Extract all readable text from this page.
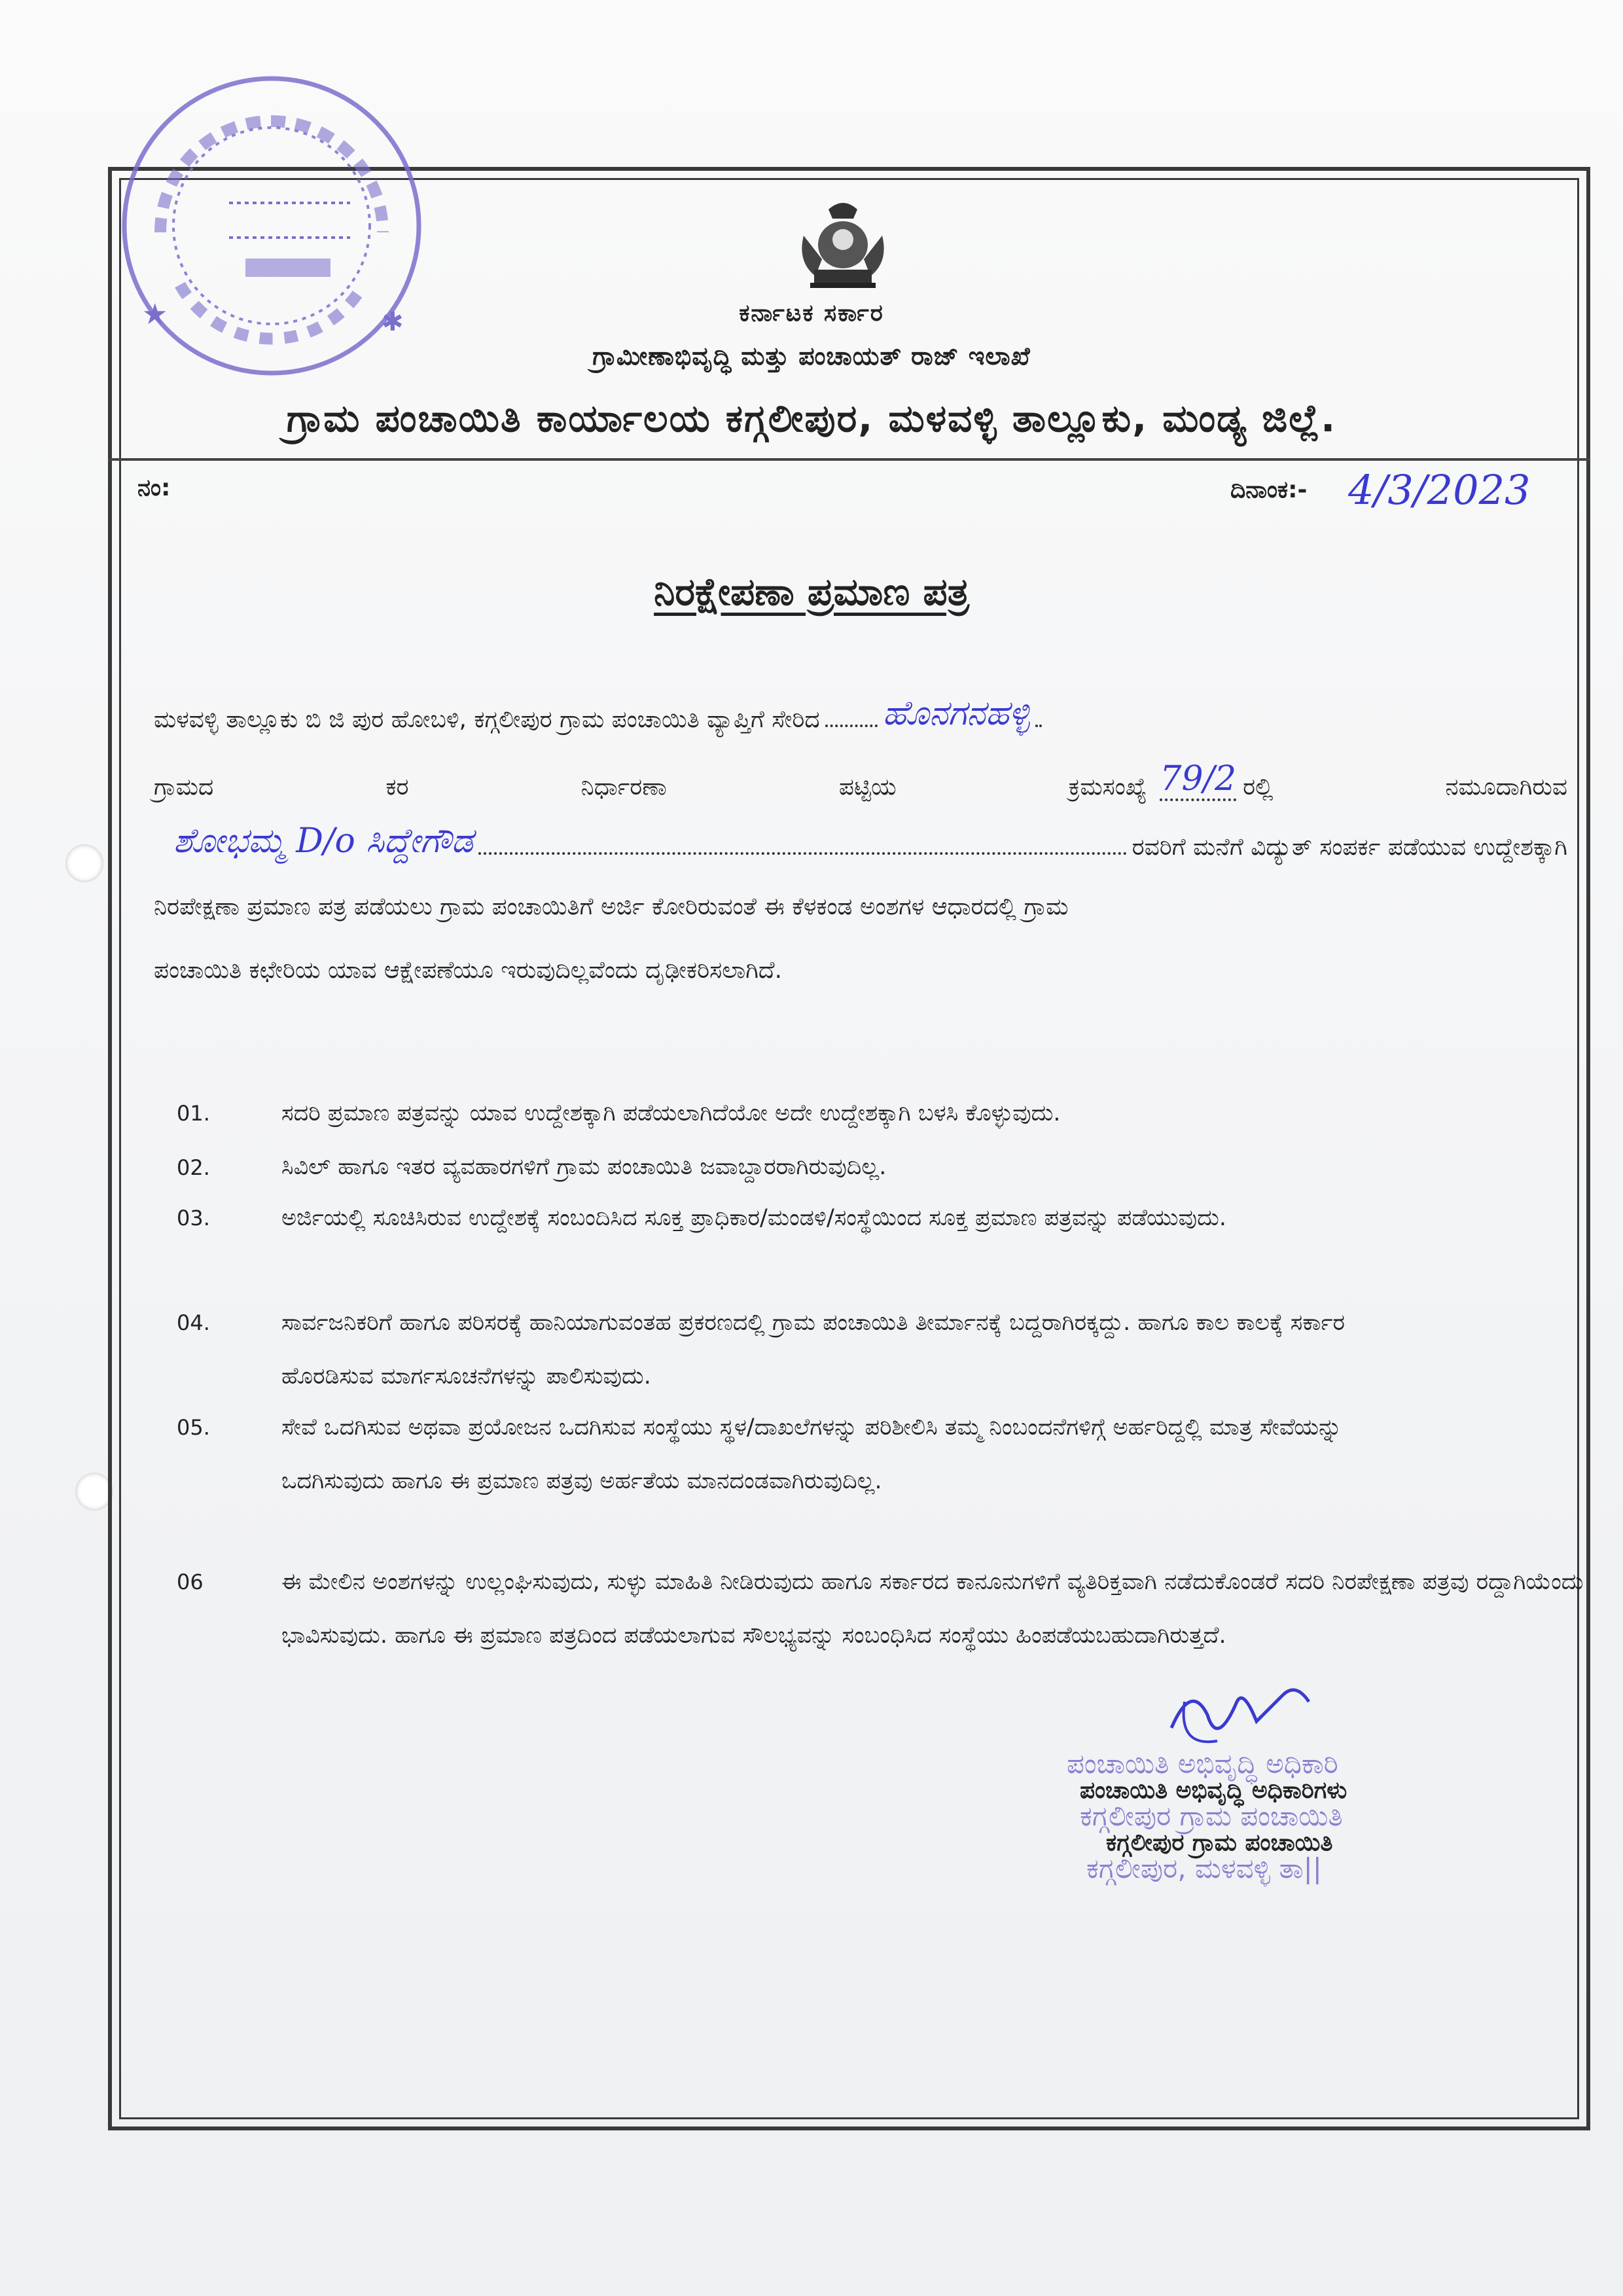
★	✱	ಕರ್ನಾಟಕ ಸರ್ಕಾರ
ಗ್ರಾಮೀಣಾಭಿವೃದ್ಧಿ ಮತ್ತು ಪಂಚಾಯತ್ ರಾಜ್ ಇಲಾಖೆ
ಗ್ರಾಮ ಪಂಚಾಯಿತಿ ಕಾರ್ಯಾಲಯ ಕಗ್ಗಲೀಪುರ, ಮಳವಳ್ಳಿ ತಾಲ್ಲೂಕು, ಮಂಡ್ಯ ಜಿಲ್ಲೆ.
ನಂ:	ದಿನಾಂಕ:- 4/3/2023
ನಿರಕ್ಷೇಪಣಾ ಪ್ರಮಾಣ ಪತ್ರ
ಮಳವಳ್ಳಿ ತಾಲ್ಲೂಕು ಬಿ ಜಿ ಪುರ ಹೋಬಳಿ, ಕಗ್ಗಲೀಪುರ ಗ್ರಾಮ ಪಂಚಾಯಿತಿ ವ್ಯಾಪ್ತಿಗೆ ಸೇರಿದ ಹೊನಗನಹಳ್ಳಿ
ಗ್ರಾಮದ	ಕರ	ನಿರ್ಧಾರಣಾ	ಪಟ್ಟಿಯ	ಕ್ರಮಸಂಖ್ಯೆ 79/2 ರಲ್ಲಿ	ನಮೂದಾಗಿರುವ
ಶೋಭಮ್ಮ D/o ಸಿದ್ದೇಗೌಡ	ರವರಿಗೆ ಮನೆಗೆ ವಿದ್ಯುತ್ ಸಂಪರ್ಕ ಪಡೆಯುವ ಉದ್ದೇಶಕ್ಕಾಗಿ
ನಿರಪೇಕ್ಷಣಾ ಪ್ರಮಾಣ ಪತ್ರ ಪಡೆಯಲು ಗ್ರಾಮ ಪಂಚಾಯಿತಿಗೆ ಅರ್ಜಿ ಕೋರಿರುವಂತೆ ಈ ಕೆಳಕಂಡ ಅಂಶಗಳ ಆಧಾರದಲ್ಲಿ ಗ್ರಾಮ
ಪಂಚಾಯಿತಿ ಕಛೇರಿಯ ಯಾವ ಆಕ್ಷೇಪಣೆಯೂ ಇರುವುದಿಲ್ಲವೆಂದು ದೃಢೀಕರಿಸಲಾಗಿದೆ.
01.	ಸದರಿ ಪ್ರಮಾಣ ಪತ್ರವನ್ನು ಯಾವ ಉದ್ದೇಶಕ್ಕಾಗಿ ಪಡೆಯಲಾಗಿದೆಯೋ ಅದೇ ಉದ್ದೇಶಕ್ಕಾಗಿ ಬಳಸಿ ಕೊಳ್ಳುವುದು.
02.	ಸಿವಿಲ್ ಹಾಗೂ ಇತರ ವ್ಯವಹಾರಗಳಿಗೆ ಗ್ರಾಮ ಪಂಚಾಯಿತಿ ಜವಾಬ್ದಾರರಾಗಿರುವುದಿಲ್ಲ.
03.	ಅರ್ಜಿಯಲ್ಲಿ ಸೂಚಿಸಿರುವ ಉದ್ದೇಶಕ್ಕೆ ಸಂಬಂದಿಸಿದ ಸೂಕ್ತ ಪ್ರಾಧಿಕಾರ/ಮಂಡಳಿ/ಸಂಸ್ಥೆಯಿಂದ ಸೂಕ್ತ ಪ್ರಮಾಣ ಪತ್ರವನ್ನು ಪಡೆಯುವುದು.
04.	ಸಾರ್ವಜನಿಕರಿಗೆ ಹಾಗೂ ಪರಿಸರಕ್ಕೆ ಹಾನಿಯಾಗುವಂತಹ ಪ್ರಕರಣದಲ್ಲಿ ಗ್ರಾಮ ಪಂಚಾಯಿತಿ ತೀರ್ಮಾನಕ್ಕೆ ಬದ್ದರಾಗಿರಕ್ಕದ್ದು. ಹಾಗೂ ಕಾಲ ಕಾಲಕ್ಕೆ ಸರ್ಕಾರ ಹೊರಡಿಸುವ ಮಾರ್ಗಸೂಚನೆಗಳನ್ನು ಪಾಲಿಸುವುದು.
05.	ಸೇವೆ ಒದಗಿಸುವ ಅಥವಾ ಪ್ರಯೋಜನ ಒದಗಿಸುವ ಸಂಸ್ಥೆಯು ಸ್ಥಳ/ದಾಖಲೆಗಳನ್ನು ಪರಿಶೀಲಿಸಿ ತಮ್ಮ ನಿಂಬಂದನೆಗಳಿಗ್ಗೆ ಅರ್ಹರಿದ್ದಲ್ಲಿ ಮಾತ್ರ ಸೇವೆಯನ್ನು ಒದಗಿಸುವುದು ಹಾಗೂ ಈ ಪ್ರಮಾಣ ಪತ್ರವು ಅರ್ಹತೆಯ ಮಾನದಂಡವಾಗಿರುವುದಿಲ್ಲ.
06	ಈ ಮೇಲಿನ ಅಂಶಗಳನ್ನು ಉಲ್ಲಂಘಿಸುವುದು, ಸುಳ್ಳು ಮಾಹಿತಿ ನೀಡಿರುವುದು ಹಾಗೂ ಸರ್ಕಾರದ ಕಾನೂನುಗಳಿಗೆ ವ್ಯತಿರಿಕ್ತವಾಗಿ ನಡೆದುಕೊಂಡರೆ ಸದರಿ ನಿರಪೇಕ್ಷಣಾ ಪತ್ರವು ರದ್ದಾಗಿಯೆಂದು ಭಾವಿಸುವುದು. ಹಾಗೂ ಈ ಪ್ರಮಾಣ ಪತ್ರದಿಂದ ಪಡೆಯಲಾಗುವ ಸೌಲಭ್ಯವನ್ನು ಸಂಬಂಧಿಸಿದ ಸಂಸ್ಥೆಯು ಹಿಂಪಡೆಯಬಹುದಾಗಿರುತ್ತದೆ.
ಪಂಚಾಯಿತಿ ಅಭಿವೃದ್ಧಿ ಅಧಿಕಾರಿ
ಪಂಚಾಯಿತಿ ಅಭಿವೃದ್ಧಿ ಅಧಿಕಾರಿಗಳು
ಕಗ್ಗಲೀಪುರ ಗ್ರಾಮ ಪಂಚಾಯಿತಿ
ಕಗ್ಗಲೀಪುರ ಗ್ರಾಮ ಪಂಚಾಯಿತಿ
ಕಗ್ಗಲೀಪುರ, ಮಳವಳ್ಳಿ ತಾ||
